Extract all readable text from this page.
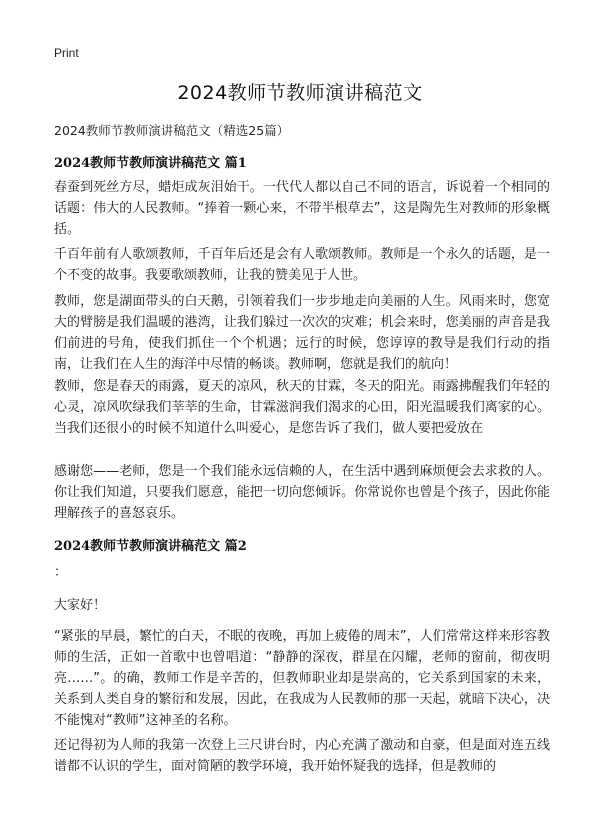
Print
2024教师节教师演讲稿范文
2024教师节教师演讲稿范文（精选25篇）
2024教师节教师演讲稿范文 篇1

春蚕到死丝方尽，蜡炬成灰泪始干。一代代人都以自己不同的语言，诉说着一个相同的话题：伟大的人民教师。“捧着一颗心来，不带半根草去”，这是陶先生对教师的形象概括。

千百年前有人歌颂教师，千百年后还是会有人歌颂教师。教师是一个永久的话题，是一个不变的故事。我要歌颂教师，让我的赞美见于人世。

教师，您是湖面带头的白天鹅，引领着我们一步步地走向美丽的人生。风雨来时，您宽大的臂膀是我们温暖的港湾，让我们躲过一次次的灾难；机会来时，您美丽的声音是我们前进的号角，使我们抓住一个个机遇；远行的时候，您谆谆的教导是我们行动的指南，让我们在人生的海洋中尽情的畅谈。教师啊，您就是我们的航向！

教师，您是春天的雨露，夏天的凉风，秋天的甘霖，冬天的阳光。雨露拂醒我们年轻的心灵，凉风吹绿我们莘莘的生命，甘霖滋润我们渴求的心田，阳光温暖我们离家的心。当我们还很小的时候不知道什么叫爱心，是您告诉了我们，做人要把爱放在

感谢您——老师，您是一个我们能永远信赖的人，在生活中遇到麻烦便会去求救的人。你让我们知道，只要我们愿意，能把一切向您倾诉。你常说你也曾是个孩子，因此你能理解孩子的喜怒哀乐。

2024教师节教师演讲稿范文 篇2

：

大家好！

“紧张的早晨，繁忙的白天，不眠的夜晚，再加上疲倦的周末”，人们常常这样来形容教师的生活，正如一首歌中也曾唱道：“静静的深夜，群星在闪耀，老师的窗前，彻夜明亮……”。的确，教师工作是辛苦的，但教师职业却是崇高的，它关系到国家的未来，关系到人类自身的繁衍和发展，因此，在我成为人民教师的那一天起，就暗下决心，决不能愧对“教师”这神圣的名称。

还记得初为人师的我第一次登上三尺讲台时，内心充满了激动和自豪，但是面对连五线谱都不认识的学生，面对简陋的教学环境，我开始怀疑我的选择，但是教师的
